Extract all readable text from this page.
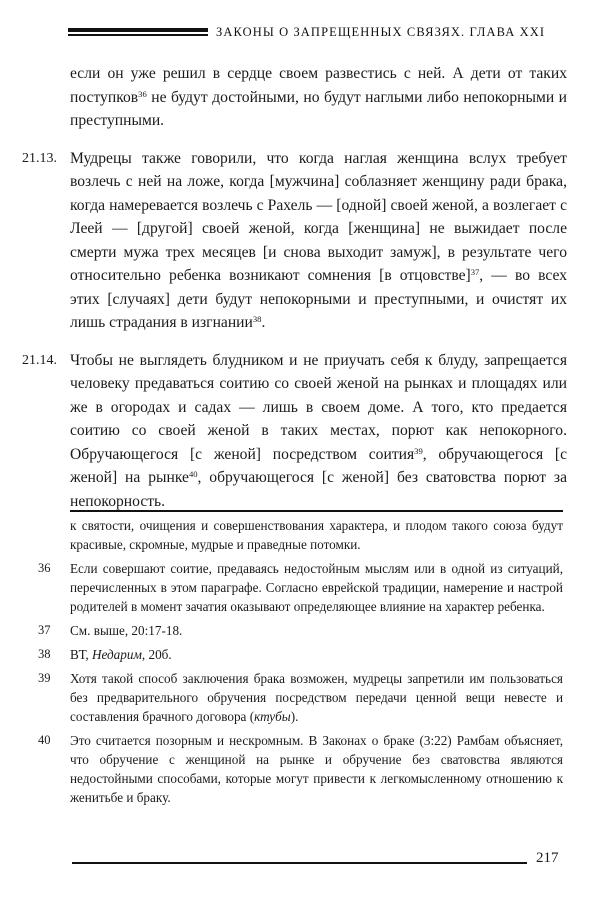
ЗАКОНЫ О ЗАПРЕЩЕННЫХ СВЯЗЯХ. ГЛАВА XXI
если он уже решил в сердце своем развестись с ней. А дети от таких поступков$^{36}$ не будут достойными, но будут наглыми либо непокорными и преступными.
21.13. Мудрецы также говорили, что когда наглая женщина вслух требует возлечь с ней на ложе, когда [мужчина] соблазняет женщину ради брака, когда намеревается возлечь с Рахель — [одной] своей женой, а возлегает с Леей — [другой] своей женой, когда [женщина] не выжидает после смерти мужа трех месяцев [и снова выходит замуж], в результате чего относительно ребенка возникают сомнения [в отцовстве]$^{37}$, — во всех этих [случаях] дети будут непокорными и преступными, и очистят их лишь страдания в изгнании$^{38}$.
21.14. Чтобы не выглядеть блудником и не приучать себя к блуду, запрещается человеку предаваться соитию со своей женой на рынках и площадях или же в огородах и садах — лишь в своем доме. А того, кто предается соитию со своей женой в таких местах, порют как непокорного. Обручающегося [с женой] посредством соития$^{39}$, обручающегося [с женой] на рынке$^{40}$, обручающегося [с женой] без сватовства порют за непокорность.
к святости, очищения и совершенствования характера, и плодом такого союза будут красивые, скромные, мудрые и праведные потомки.
36	Если совершают соитие, предаваясь недостойным мыслям или в одной из ситуаций, перечисленных в этом параграфе. Согласно еврейской традиции, намерение и настрой родителей в момент зачатия оказывают определяющее влияние на характер ребенка.
37	См. выше, 20:17-18.
38	ВТ, Недарим, 20б.
39	Хотя такой способ заключения брака возможен, мудрецы запретили им пользоваться без предварительного обручения посредством передачи ценной вещи невесте и составления брачного договора (ктубы).
40	Это считается позорным и нескромным. В Законах о браке (3:22) Рамбам объясняет, что обручение с женщиной на рынке и обручение без сватовства являются недостойными способами, которые могут привести к легкомысленному отношению к женитьбе и браку.
217
